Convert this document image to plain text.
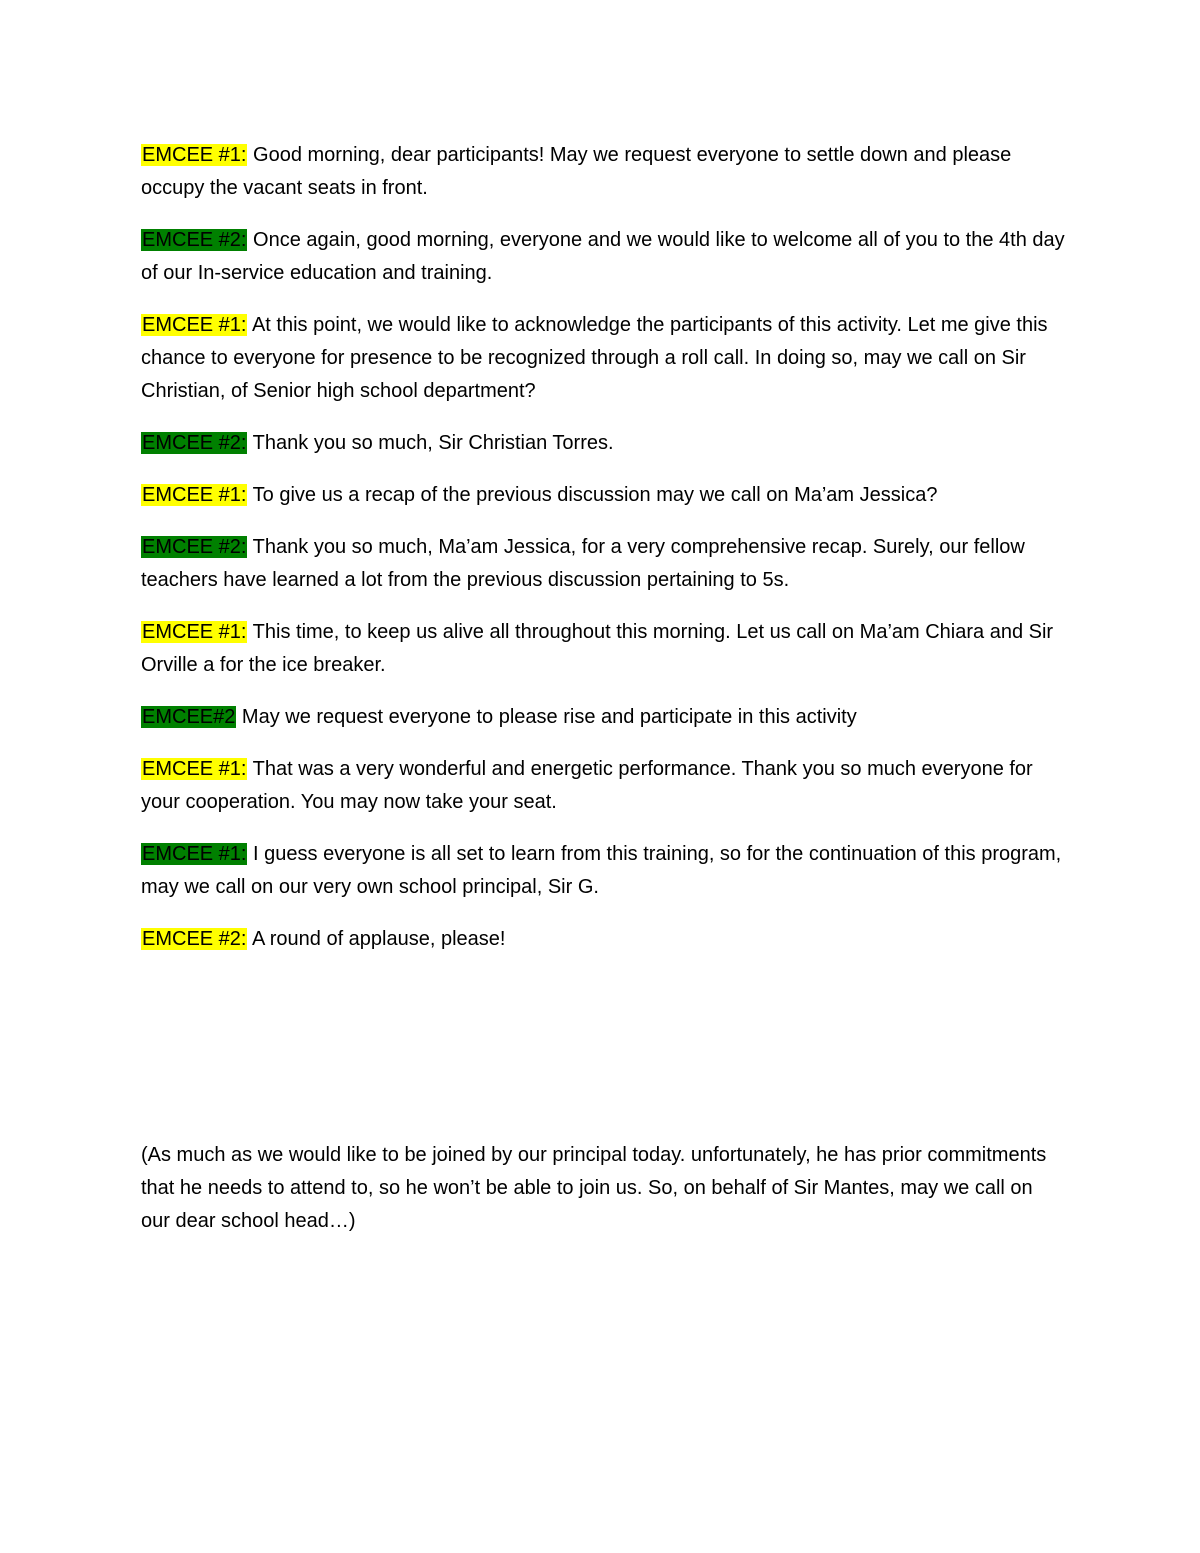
EMCEE #1: Good morning, dear participants! May we request everyone to settle down and please occupy the vacant seats in front.

EMCEE #2: Once again, good morning, everyone and we would like to welcome all of you to the 4th day of our In-service education and training.

EMCEE #1: At this point, we would like to acknowledge the participants of this activity. Let me give this chance to everyone for presence to be recognized through a roll call. In doing so, may we call on Sir Christian, of Senior high school department?

EMCEE #2: Thank you so much, Sir Christian Torres.

EMCEE #1: To give us a recap of the previous discussion may we call on Ma’am Jessica?

EMCEE #2: Thank you so much, Ma’am Jessica, for a very comprehensive recap. Surely, our fellow teachers have learned a lot from the previous discussion pertaining to 5s.

EMCEE #1: This time, to keep us alive all throughout this morning. Let us call on Ma’am Chiara and Sir Orville a for the ice breaker.

EMCEE#2 May we request everyone to please rise and participate in this activity

EMCEE #1: That was a very wonderful and energetic performance. Thank you so much everyone for your cooperation. You may now take your seat.

EMCEE #1: I guess everyone is all set to learn from this training, so for the continuation of this program, may we call on our very own school principal, Sir G.

EMCEE #2: A round of applause, please!

(As much as we would like to be joined by our principal today. unfortunately, he has prior commitments that he needs to attend to, so he won’t be able to join us. So, on behalf of Sir Mantes, may we call on our dear school head…)
